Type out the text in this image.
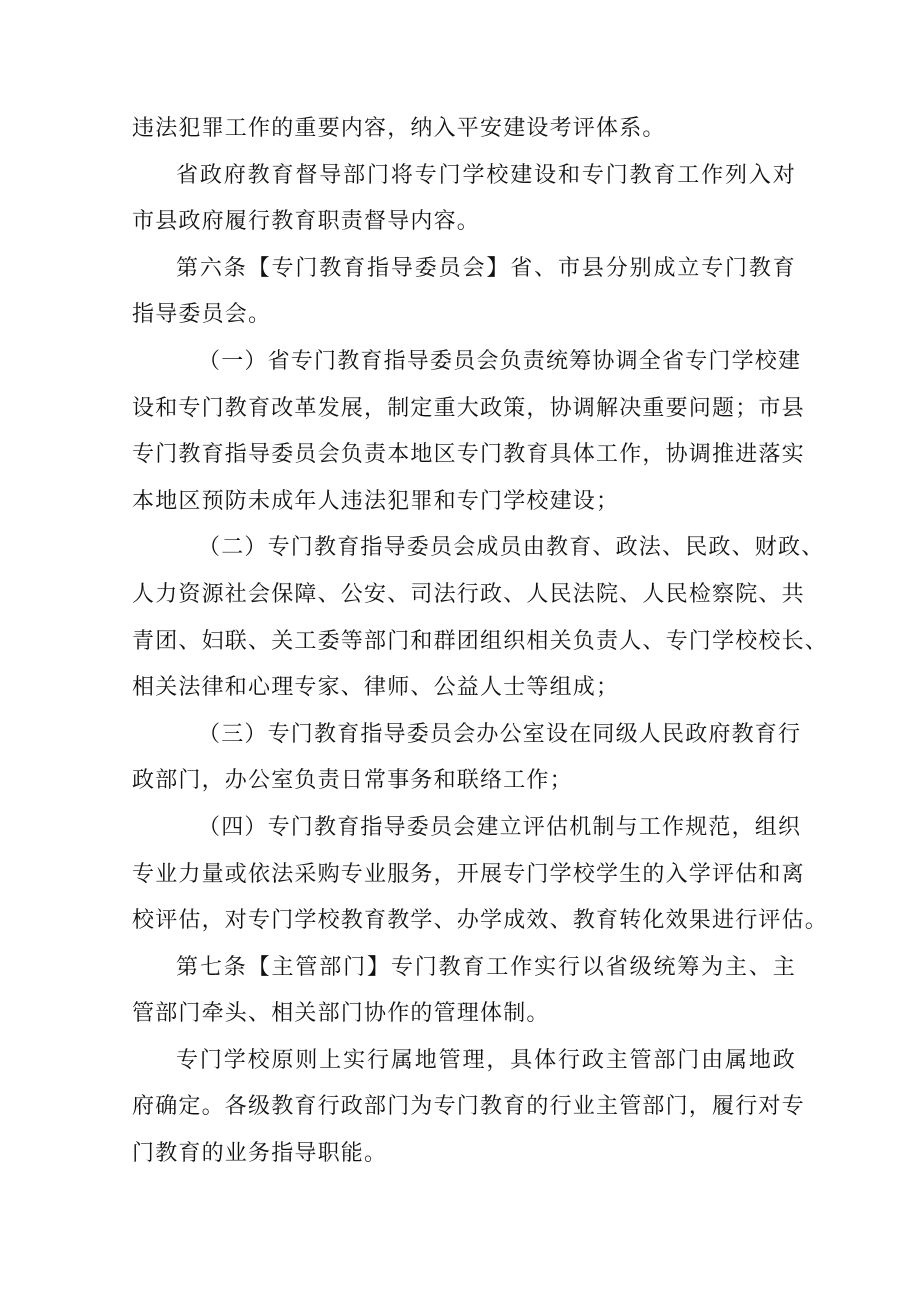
违法犯罪工作的重要内容，纳入平安建设考评体系。
省政府教育督导部门将专门学校建设和专门教育工作列入对
市县政府履行教育职责督导内容。
第六条【专门教育指导委员会】省、市县分别成立专门教育
指导委员会。
（一）省专门教育指导委员会负责统筹协调全省专门学校建
设和专门教育改革发展，制定重大政策，协调解决重要问题；市县
专门教育指导委员会负责本地区专门教育具体工作，协调推进落实
本地区预防未成年人违法犯罪和专门学校建设；
（二）专门教育指导委员会成员由教育、政法、民政、财政、
人力资源社会保障、公安、司法行政、人民法院、人民检察院、共
青团、妇联、关工委等部门和群团组织相关负责人、专门学校校长、
相关法律和心理专家、律师、公益人士等组成；
（三）专门教育指导委员会办公室设在同级人民政府教育行
政部门，办公室负责日常事务和联络工作；
（四）专门教育指导委员会建立评估机制与工作规范，组织
专业力量或依法采购专业服务，开展专门学校学生的入学评估和离
校评估，对专门学校教育教学、办学成效、教育转化效果进行评估。
第七条【主管部门】专门教育工作实行以省级统筹为主、主
管部门牵头、相关部门协作的管理体制。
专门学校原则上实行属地管理，具体行政主管部门由属地政
府确定。各级教育行政部门为专门教育的行业主管部门，履行对专
门教育的业务指导职能。
